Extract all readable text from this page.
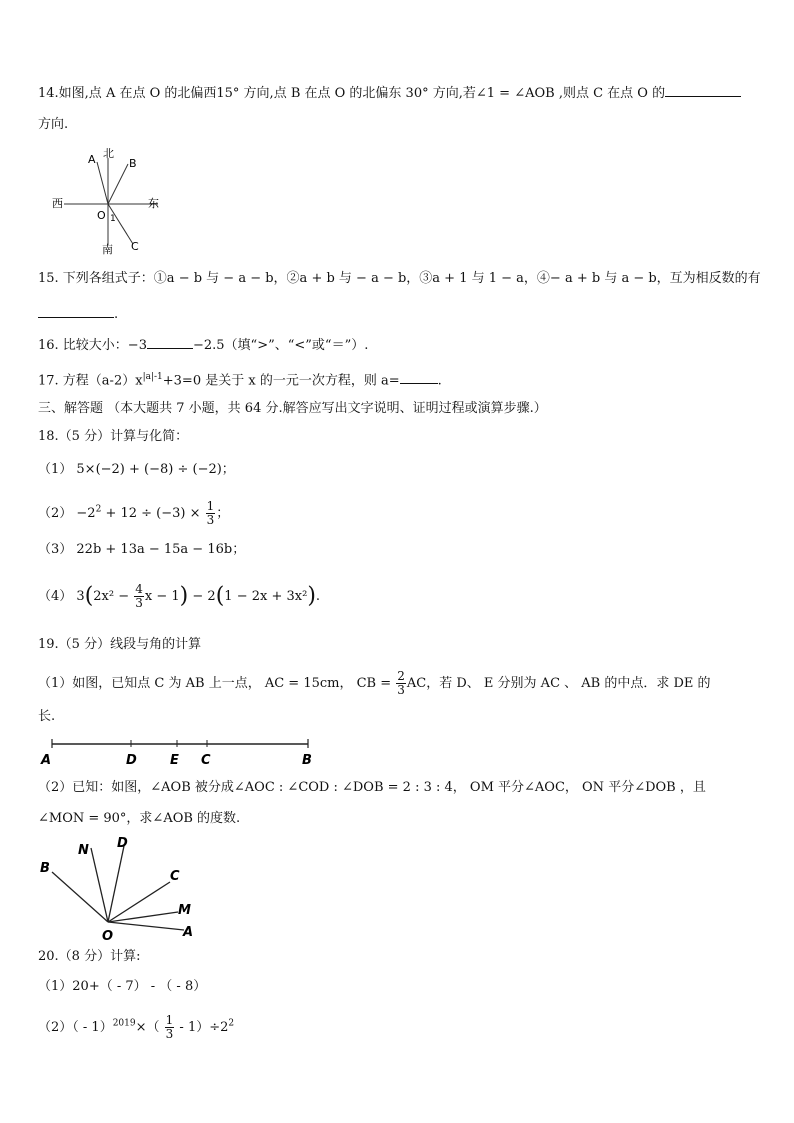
14.如图,点 A 在点 O 的北偏西15° 方向,点 B 在点 O 的北偏东 30° 方向,若∠1 = ∠AOB ,则点 C 在点 O 的
方向.
北
A	B
西	东
O 1
南 C
15. 下列各组式子：①a − b 与 − a − b，②a + b 与 − a − b，③a + 1 与 1 − a，④− a + b 与 a − b，互为相反数的有
.
16. 比较大小：−3	−2.5（填“>”、“<”或“＝”）.
17. 方程$(a-2)x^{|a|-1}+3=0$ 是关于 x 的一元一次方程，则 a=	.
三、解答题 （本大题共 7 小题，共 64 分.解答应写出文字说明、证明过程或演算步骤.）
18.（5 分）计算与化简：
（1） 5×(−2) + (−8) ÷ (−2)；
$(2) -2^2 + 12 \div (-3) \times \frac{1}{3}$ ；
（3） 22b + 13a − 15a − 16b；
（4） $3(2x^2 - \frac{4}{3}$ x − 1) − 2(1 − 2x + 3x²).
19.（5 分）线段与角的计算
（1）如图，已知点 C 为 AB 上一点， AC = 15cm， CB = $\frac{2}{3}$ AC，若 D、 E 分别为 AC 、 AB 的中点．求 DE 的
长.
A	D	E C	B
（2）已知：如图，∠AOB 被分成∠AOC : ∠COD : ∠DOB = 2 : 3 : 4， OM 平分∠AOC， ON 平分∠DOB ，且
∠MON = 90°，求∠AOB 的度数.
B
N D
C
M
O	A
20.（8 分）计算:
（1）20+（ - 7） - （ - 8）
$(2)( - 1)^{2019}\times( \frac{1}{3} - 1)\div 2^2$
